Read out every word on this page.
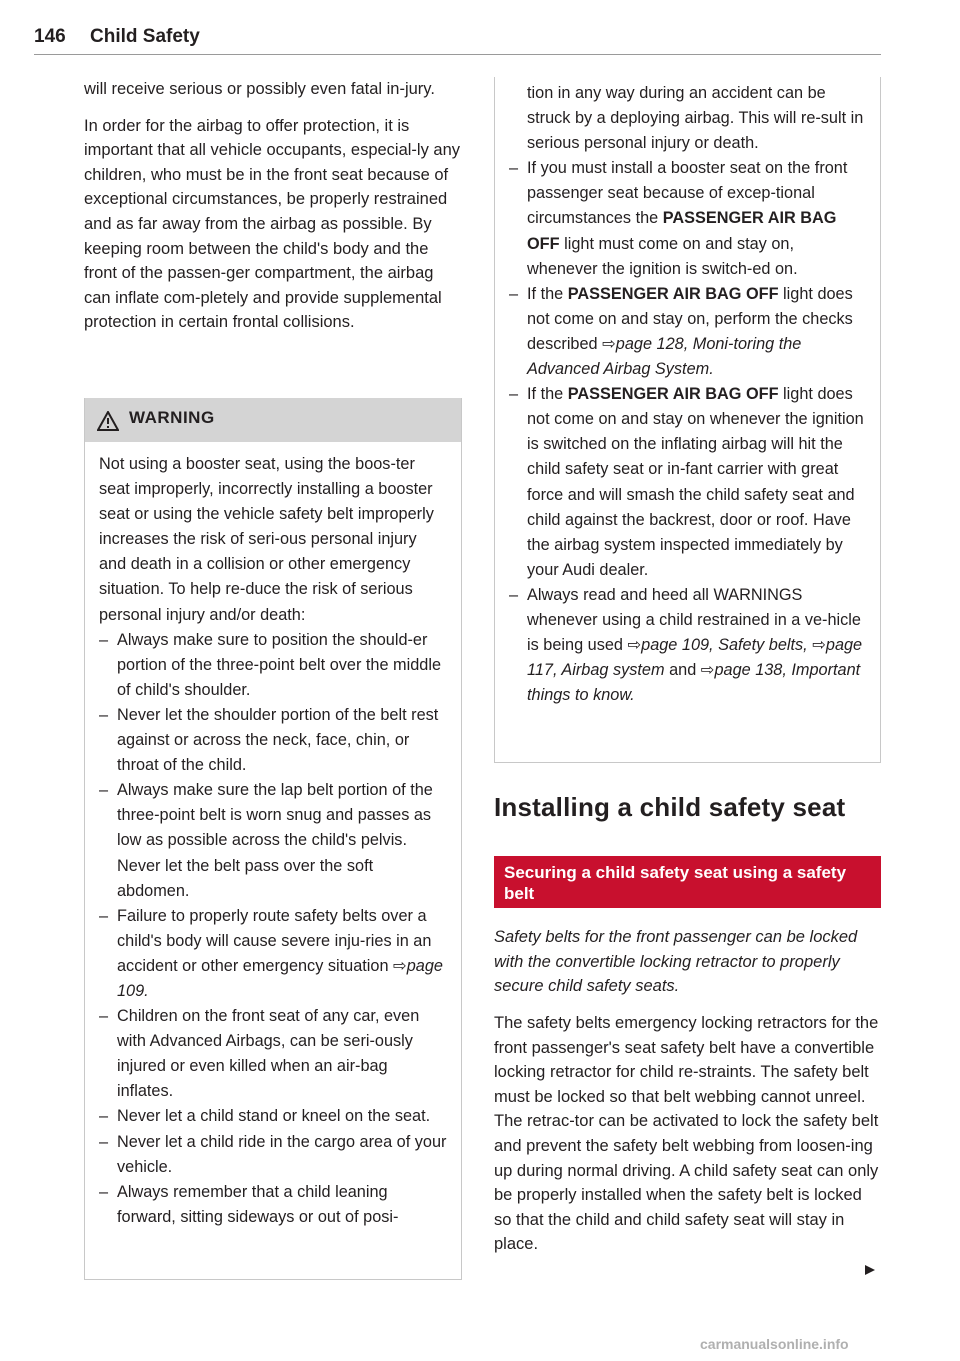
146 Child Safety

will receive serious or possibly even fatal in-jury.

In order for the airbag to offer protection, it is important that all vehicle occupants, especial-ly any children, who must be in the front seat because of exceptional circumstances, be properly restrained and as far away from the airbag as possible. By keeping room between the child's body and the front of the passen-ger compartment, the airbag can inflate com-pletely and provide supplemental protection in certain frontal collisions.

WARNING
Not using a booster seat, using the boos-ter seat improperly, incorrectly installing a booster seat or using the vehicle safety belt improperly increases the risk of seri-ous personal injury and death in a collision or other emergency situation. To help re-duce the risk of serious personal injury and/or death:
– Always make sure to position the should-er portion of the three-point belt over the middle of child's shoulder.
– Never let the shoulder portion of the belt rest against or across the neck, face, chin, or throat of the child.
– Always make sure the lap belt portion of the three-point belt is worn snug and passes as low as possible across the child's pelvis. Never let the belt pass over the soft abdomen.
– Failure to properly route safety belts over a child's body will cause severe inju-ries in an accident or other emergency situation ⇨page 109.
– Children on the front seat of any car, even with Advanced Airbags, can be seri-ously injured or even killed when an air-bag inflates.
– Never let a child stand or kneel on the seat.
– Never let a child ride in the cargo area of your vehicle.
– Always remember that a child leaning forward, sitting sideways or out of posi-
tion in any way during an accident can be struck by a deploying airbag. This will re-sult in serious personal injury or death.
– If you must install a booster seat on the front passenger seat because of excep-tional circumstances the PASSENGER AIR BAG OFF light must come on and stay on, whenever the ignition is switch-ed on.
– If the PASSENGER AIR BAG OFF light does not come on and stay on, perform the checks described ⇨page 128, Moni-toring the Advanced Airbag System.
– If the PASSENGER AIR BAG OFF light does not come on and stay on whenever the ignition is switched on the inflating airbag will hit the child safety seat or in-fant carrier with great force and will smash the child safety seat and child against the backrest, door or roof. Have the airbag system inspected immediately by your Audi dealer.
– Always read and heed all WARNINGS whenever using a child restrained in a ve-hicle is being used ⇨page 109, Safety belts, ⇨page 117, Airbag system and ⇨page 138, Important things to know.
Installing a child safety seat
Securing a child safety seat using a safety belt
Safety belts for the front passenger can be locked with the convertible locking retractor to properly secure child safety seats.
The safety belts emergency locking retractors for the front passenger's seat safety belt have a convertible locking retractor for child re-straints. The safety belt must be locked so that belt webbing cannot unreel. The retrac-tor can be activated to lock the safety belt and prevent the safety belt webbing from loosen-ing up during normal driving. A child safety seat can only be properly installed when the safety belt is locked so that the child and child safety seat will stay in place.
carmanualsonline.info
